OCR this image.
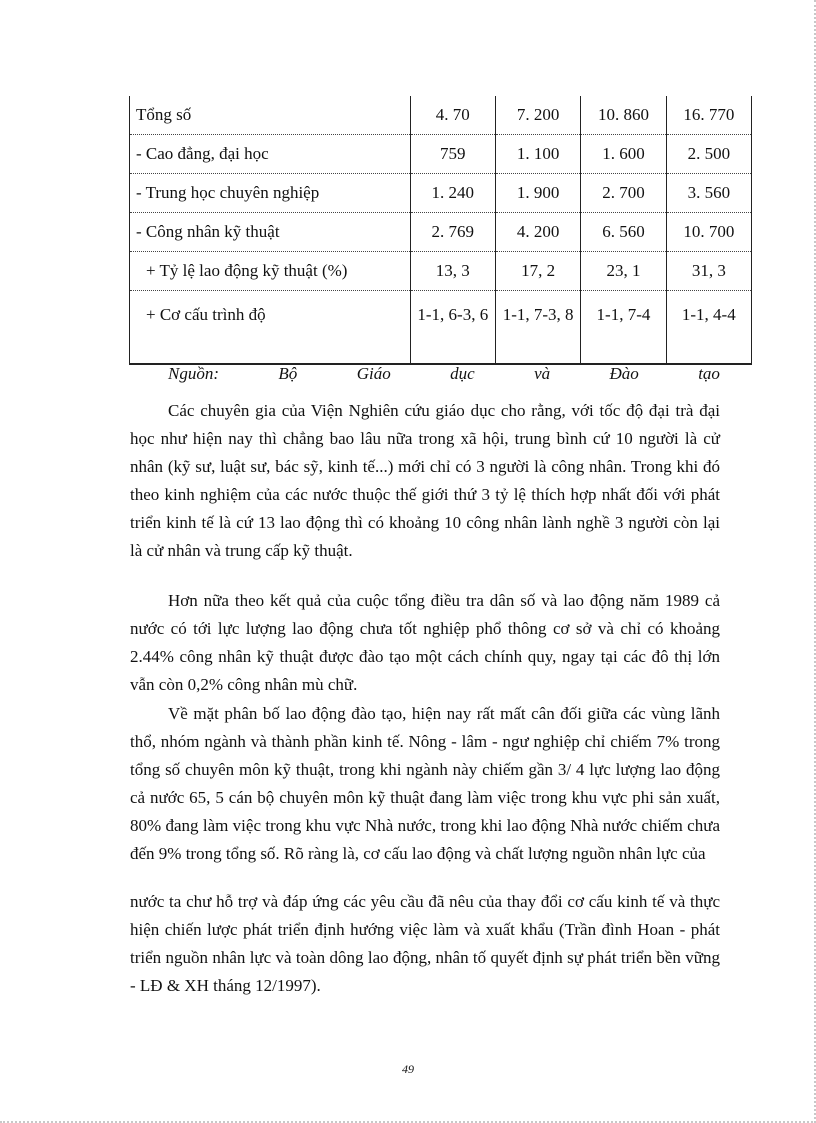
Tổng số	4. 70	7. 200	10. 860	16. 770
- Cao đẳng, đại học	759	1. 100	1. 600	2. 500
- Trung học chuyên nghiệp	1. 240	1. 900	2. 700	3. 560
- Công nhân kỹ thuật	2. 769	4. 200	6. 560	10. 700
+ Tỷ lệ lao động kỹ thuật (%)	13, 3	17, 2	23, 1	31, 3
+ Cơ cấu trình độ	1-1, 6-3, 6	1-1, 7-3, 8	1-1, 7-4	1-1, 4-4
Nguồn:	Bộ	Giáo	dục	và	Đào	tạo

Các chuyên gia của Viện Nghiên cứu giáo dục cho rằng, với tốc độ đại trà đại học như hiện nay thì chẳng bao lâu nữa trong xã hội, trung bình cứ 10 người là cử nhân (kỹ sư, luật sư, bác sỹ, kinh tế...) mới chỉ có 3 người là công nhân. Trong khi đó theo kinh nghiệm của các nước thuộc thế giới thứ 3 tỷ lệ thích hợp nhất đối với phát triển kinh tế là cứ 13 lao động thì có khoảng 10 công nhân lành nghề 3 người còn lại là cử nhân và trung cấp kỹ thuật.

Hơn nữa theo kết quả của cuộc tổng điều tra dân số và lao động năm 1989 cả nước có tới lực lượng lao động chưa tốt nghiệp phổ thông cơ sở và chỉ có khoảng 2.44% công nhân kỹ thuật được đào tạo một cách chính quy, ngay tại các đô thị lớn vẫn còn 0,2% công nhân mù chữ.

Về mặt phân bố lao động đào tạo, hiện nay rất mất cân đối giữa các vùng lãnh thổ, nhóm ngành và thành phần kinh tế. Nông - lâm - ngư nghiệp chỉ chiếm 7% trong tổng số chuyên môn kỹ thuật, trong khi ngành này chiếm gần 3/ 4 lực lượng lao động cả nước 65, 5 cán bộ chuyên môn kỹ thuật đang làm việc trong khu vực phi sản xuất, 80% đang làm việc trong khu vực Nhà nước, trong khi lao động Nhà nước chiếm chưa đến 9% trong tổng số. Rõ ràng là, cơ cấu lao động và chất lượng nguồn nhân lực của

nước ta chư hỗ trợ và đáp ứng các yêu cầu đã nêu của thay đổi cơ cấu kinh tế và thực hiện chiến lược phát triển định hướng việc làm và xuất khẩu (Trần đình Hoan - phát triển nguồn nhân lực và toàn dông lao động, nhân tố quyết định sự phát triển bền vững - LĐ & XH tháng 12/1997).

49
